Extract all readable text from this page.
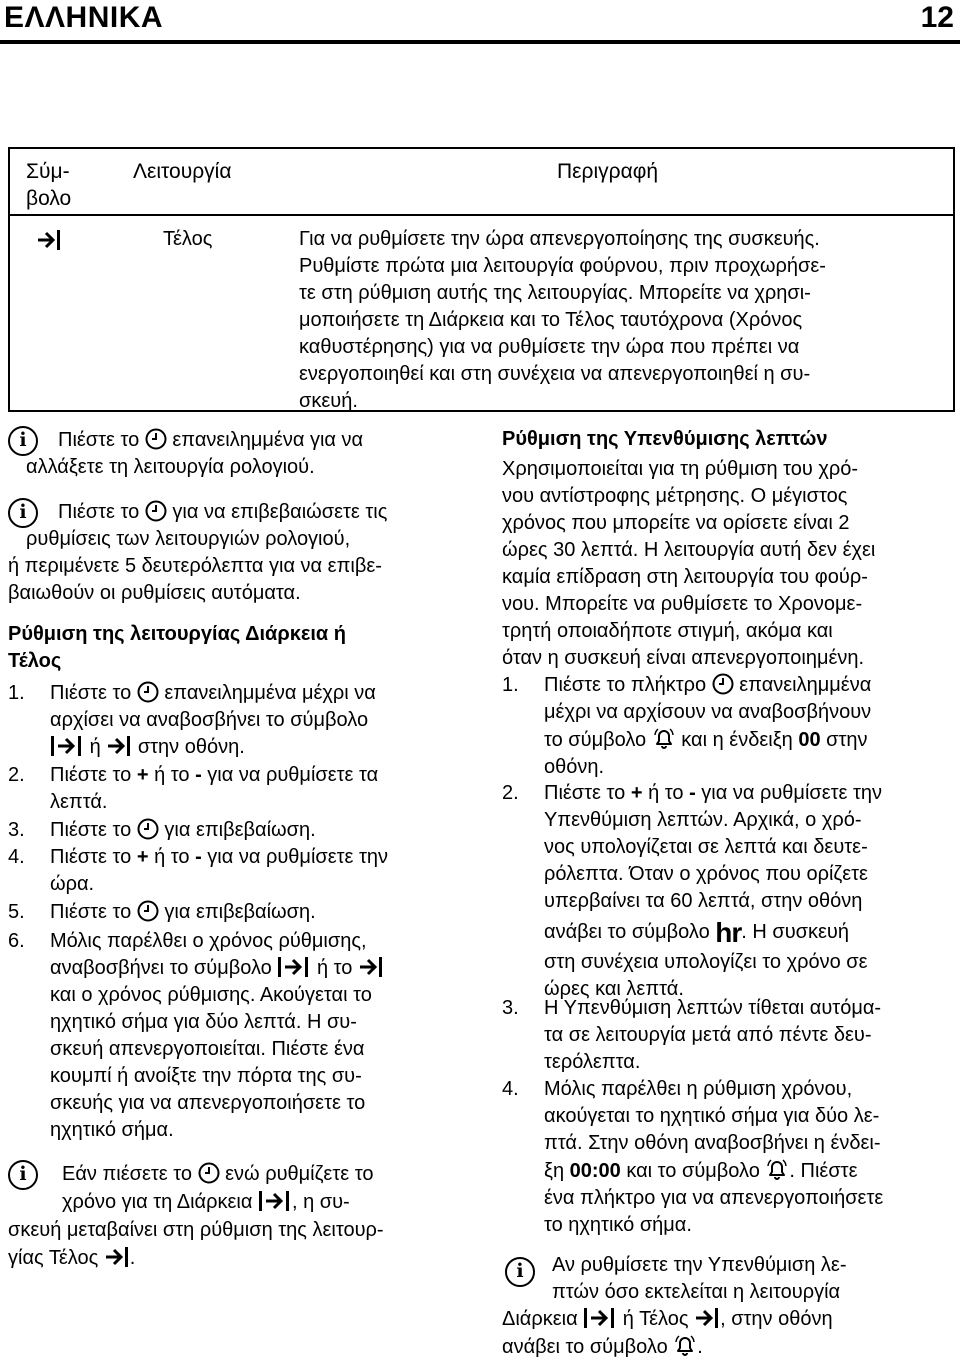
ΕΛΛΗΝΙΚΑ	12
Σύμ-
βολο
Λειτουργία	Περιγραφή
Τέλος	Για να ρυθμίσετε την ώρα απενεργοποίησης της συσκευής.
Ρυθμίστε πρώτα μια λειτουργία φούρνου, πριν προχωρήσε-
τε στη ρύθμιση αυτής της λειτουργίας. Μπορείτε να χρησι-
μοποιήσετε τη Διάρκεια και το Τέλος ταυτόχρονα (Χρόνος
καθυστέρησης) για να ρυθμίσετε την ώρα που πρέπει να
ενεργοποιηθεί και στη συνέχεια να απενεργοποιηθεί η συ-
σκευή.
i	Πιέστε το επανειλημμένα για να
αλλάξετε τη λειτουργία ρολογιού.
i	Πιέστε το για να επιβεβαιώσετε τις
ρυθμίσεις των λειτουργιών ρολογιού,
ή περιμένετε 5 δευτερόλεπτα για να επιβε-
βαιωθούν οι ρυθμίσεις αυτόματα.
Ρύθμιση της λειτουργίας Διάρκεια ή
Τέλος
1. Πιέστε το επανειλημμένα μέχρι να
αρχίσει να αναβοσβήνει το σύμβολο
ή στην οθόνη.
2. Πιέστε το + ή το - για να ρυθμίσετε τα
λεπτά.
3. Πιέστε το για επιβεβαίωση.
4. Πιέστε το + ή το - για να ρυθμίσετε την
ώρα.
5. Πιέστε το για επιβεβαίωση.
6. Μόλις παρέλθει ο χρόνος ρύθμισης,
αναβοσβήνει το σύμβολο ή το
και ο χρόνος ρύθμισης. Ακούγεται το
ηχητικό σήμα για δύο λεπτά. Η συ-
σκευή απενεργοποιείται. Πιέστε ένα
κουμπί ή ανοίξτε την πόρτα της συ-
σκευής για να απενεργοποιήσετε το
ηχητικό σήμα.
i	Εάν πιέσετε το ενώ ρυθμίζετε το
χρόνο για τη Διάρκεια , η συ-
σκευή μεταβαίνει στη ρύθμιση της λειτουρ-
γίας Τέλος .
Ρύθμιση της Υπενθύμισης λεπτών
Χρησιμοποιείται για τη ρύθμιση του χρό-
νου αντίστροφης μέτρησης. Ο μέγιστος
χρόνος που μπορείτε να ορίσετε είναι 2
ώρες 30 λεπτά. Η λειτουργία αυτή δεν έχει
καμία επίδραση στη λειτουργία του φούρ-
νου. Μπορείτε να ρυθμίσετε το Χρονομε-
τρητή οποιαδήποτε στιγμή, ακόμα και
όταν η συσκευή είναι απενεργοποιημένη.
1. Πιέστε το πλήκτρο επανειλημμένα
μέχρι να αρχίσουν να αναβοσβήνουν
το σύμβολο και η ένδειξη 00 στην
οθόνη.
2. Πιέστε το + ή το - για να ρυθμίσετε την
Υπενθύμιση λεπτών. Αρχικά, ο χρό-
νος υπολογίζεται σε λεπτά και δευτε-
ρόλεπτα. Όταν ο χρόνος που ορίζετε
υπερβαίνει τα 60 λεπτά, στην οθόνη
ανάβει το σύμβολο hr. Η συσκευή
στη συνέχεια υπολογίζει το χρόνο σε
ώρες και λεπτά.
3. Η Υπενθύμιση λεπτών τίθεται αυτόμα-
τα σε λειτουργία μετά από πέντε δευ-
τερόλεπτα.
4. Μόλις παρέλθει η ρύθμιση χρόνου,
ακούγεται το ηχητικό σήμα για δύο λε-
πτά. Στην οθόνη αναβοσβήνει η ένδει-
ξη 00:00 και το σύμβολο . Πιέστε
ένα πλήκτρο για να απενεργοποιήσετε
το ηχητικό σήμα.
i	Αν ρυθμίσετε την Υπενθύμιση λε-
πτών όσο εκτελείται η λειτουργία
Διάρκεια ή Τέλος , στην οθόνη
ανάβει το σύμβολο .
